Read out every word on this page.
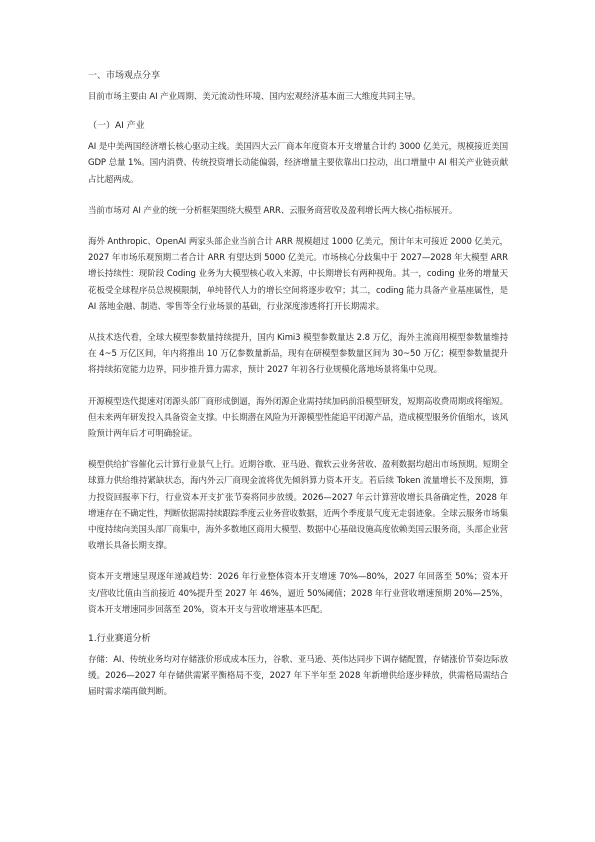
一、市场观点分享

目前市场主要由 AI 产业周期、美元流动性环境、国内宏观经济基本面三大维度共同主导。

（一）AI 产业

AI 是中美两国经济增长核心驱动主线。美国四大云厂商本年度资本开支增量合计约 3000 亿美元，规模接近美国 GDP 总量 1%。国内消费、传统投资增长动能偏弱，经济增量主要依靠出口拉动，出口增量中 AI 相关产业链贡献占比超两成。

当前市场对 AI 产业的统一分析框架围绕大模型 ARR、云服务商营收及盈利增长两大核心指标展开。

海外 Anthropic、OpenAI 两家头部企业当前合计 ARR 规模超过 1000 亿美元，预计年末可接近 2000 亿美元，2027 年市场乐观预期二者合计 ARR 有望达到 5000 亿美元。市场核心分歧集中于 2027—2028 年大模型 ARR 增长持续性：现阶段 Coding 业务为大模型核心收入来源，中长期增长有两种视角。其一，coding 业务的增量天花板受全球程序员总规模限制，单纯替代人力的增长空间将逐步收窄；其二，coding 能力具备产业基座属性，是 AI 落地金融、制造、零售等全行业场景的基础，行业深度渗透将打开长期需求。

从技术迭代看，全球大模型参数量持续提升，国内 Kimi3 模型参数量达 2.8 万亿，海外主流商用模型参数量维持在 4~5 万亿区间，年内将推出 10 万亿参数量新品，现有在研模型参数量区间为 30~50 万亿；模型参数量提升将持续拓宽能力边界，同步推升算力需求，预计 2027 年初各行业规模化落地场景将集中兑现。

开源模型迭代提速对闭源头部厂商形成倒逼，海外闭源企业需持续加码前沿模型研发，短期高收费周期或将缩短。但未来两年研发投入具备资金支撑。中长期潜在风险为开源模型性能追平闭源产品，造成模型服务价值缩水，该风险预计两年后才可明确验证。

模型供给扩容催化云计算行业景气上行。近期谷歌、亚马逊、微软云业务营收、盈利数据均超出市场预期。短期全球算力供给维持紧缺状态，海内外云厂商现金流将优先倾斜算力资本开支。若后续 Token 流量增长不及预期，算力投资回报率下行，行业资本开支扩张节奏将同步放缓。2026—2027 年云计算营收增长具备确定性，2028 年增速存在不确定性，判断依据需持续跟踪季度云业务营收数据，近两个季度景气度无走弱迹象。全球云服务市场集中度持续向美国头部厂商集中，海外多数地区商用大模型、数据中心基础设施高度依赖美国云服务商，头部企业营收增长具备长期支撑。

资本开支增速呈现逐年递减趋势：2026 年行业整体资本开支增速 70%—80%，2027 年回落至 50%；资本开支/营收比值由当前接近 40%提升至 2027 年 46%，逼近 50%阈值；2028 年行业营收增速预期 20%—25%，资本开支增速同步回落至 20%，资本开支与营收增速基本匹配。

1.行业赛道分析

存储：AI、传统业务均对存储涨价形成成本压力，谷歌、亚马逊、英伟达同步下调存储配置，存储涨价节奏边际放缓。2026—2027 年存储供需紧平衡格局不变，2027 年下半年至 2028 年新增供给逐步释放，供需格局需结合届时需求端再做判断。
